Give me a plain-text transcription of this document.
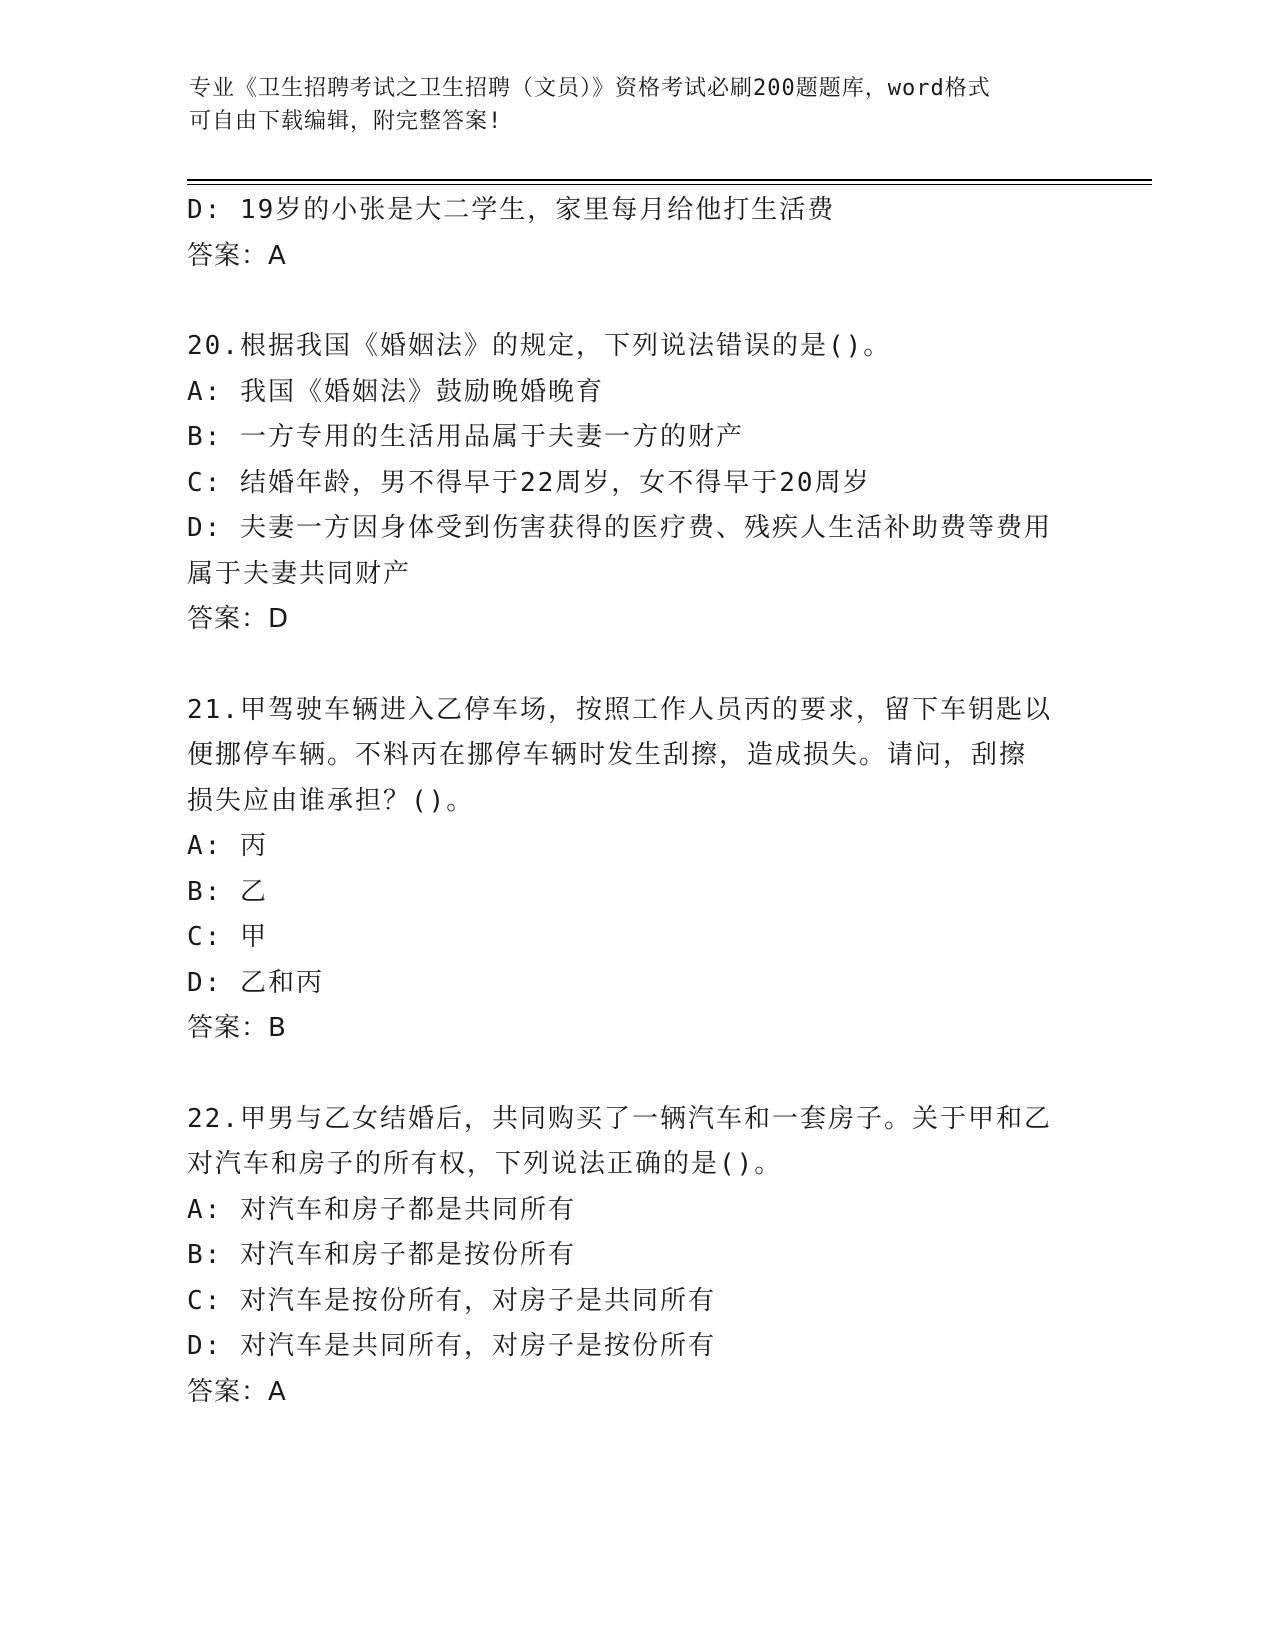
专业《卫生招聘考试之卫生招聘（文员）》资格考试必刷200题题库，word格式
可自由下载编辑，附完整答案!
D: 19岁的小张是大二学生，家里每月给他打生活费
答案：A
20.根据我国《婚姻法》的规定，下列说法错误的是()。
A: 我国《婚姻法》鼓励晚婚晚育
B: 一方专用的生活用品属于夫妻一方的财产
C: 结婚年龄，男不得早于22周岁，女不得早于20周岁
D: 夫妻一方因身体受到伤害获得的医疗费、残疾人生活补助费等费用
属于夫妻共同财产
答案：D
21.甲驾驶车辆进入乙停车场，按照工作人员丙的要求，留下车钥匙以
便挪停车辆。不料丙在挪停车辆时发生刮擦，造成损失。请问，刮擦
损失应由谁承担？()。
A: 丙
B: 乙
C: 甲
D: 乙和丙
答案：B
22.甲男与乙女结婚后，共同购买了一辆汽车和一套房子。关于甲和乙
对汽车和房子的所有权，下列说法正确的是()。
A: 对汽车和房子都是共同所有
B: 对汽车和房子都是按份所有
C: 对汽车是按份所有，对房子是共同所有
D: 对汽车是共同所有，对房子是按份所有
答案：A
